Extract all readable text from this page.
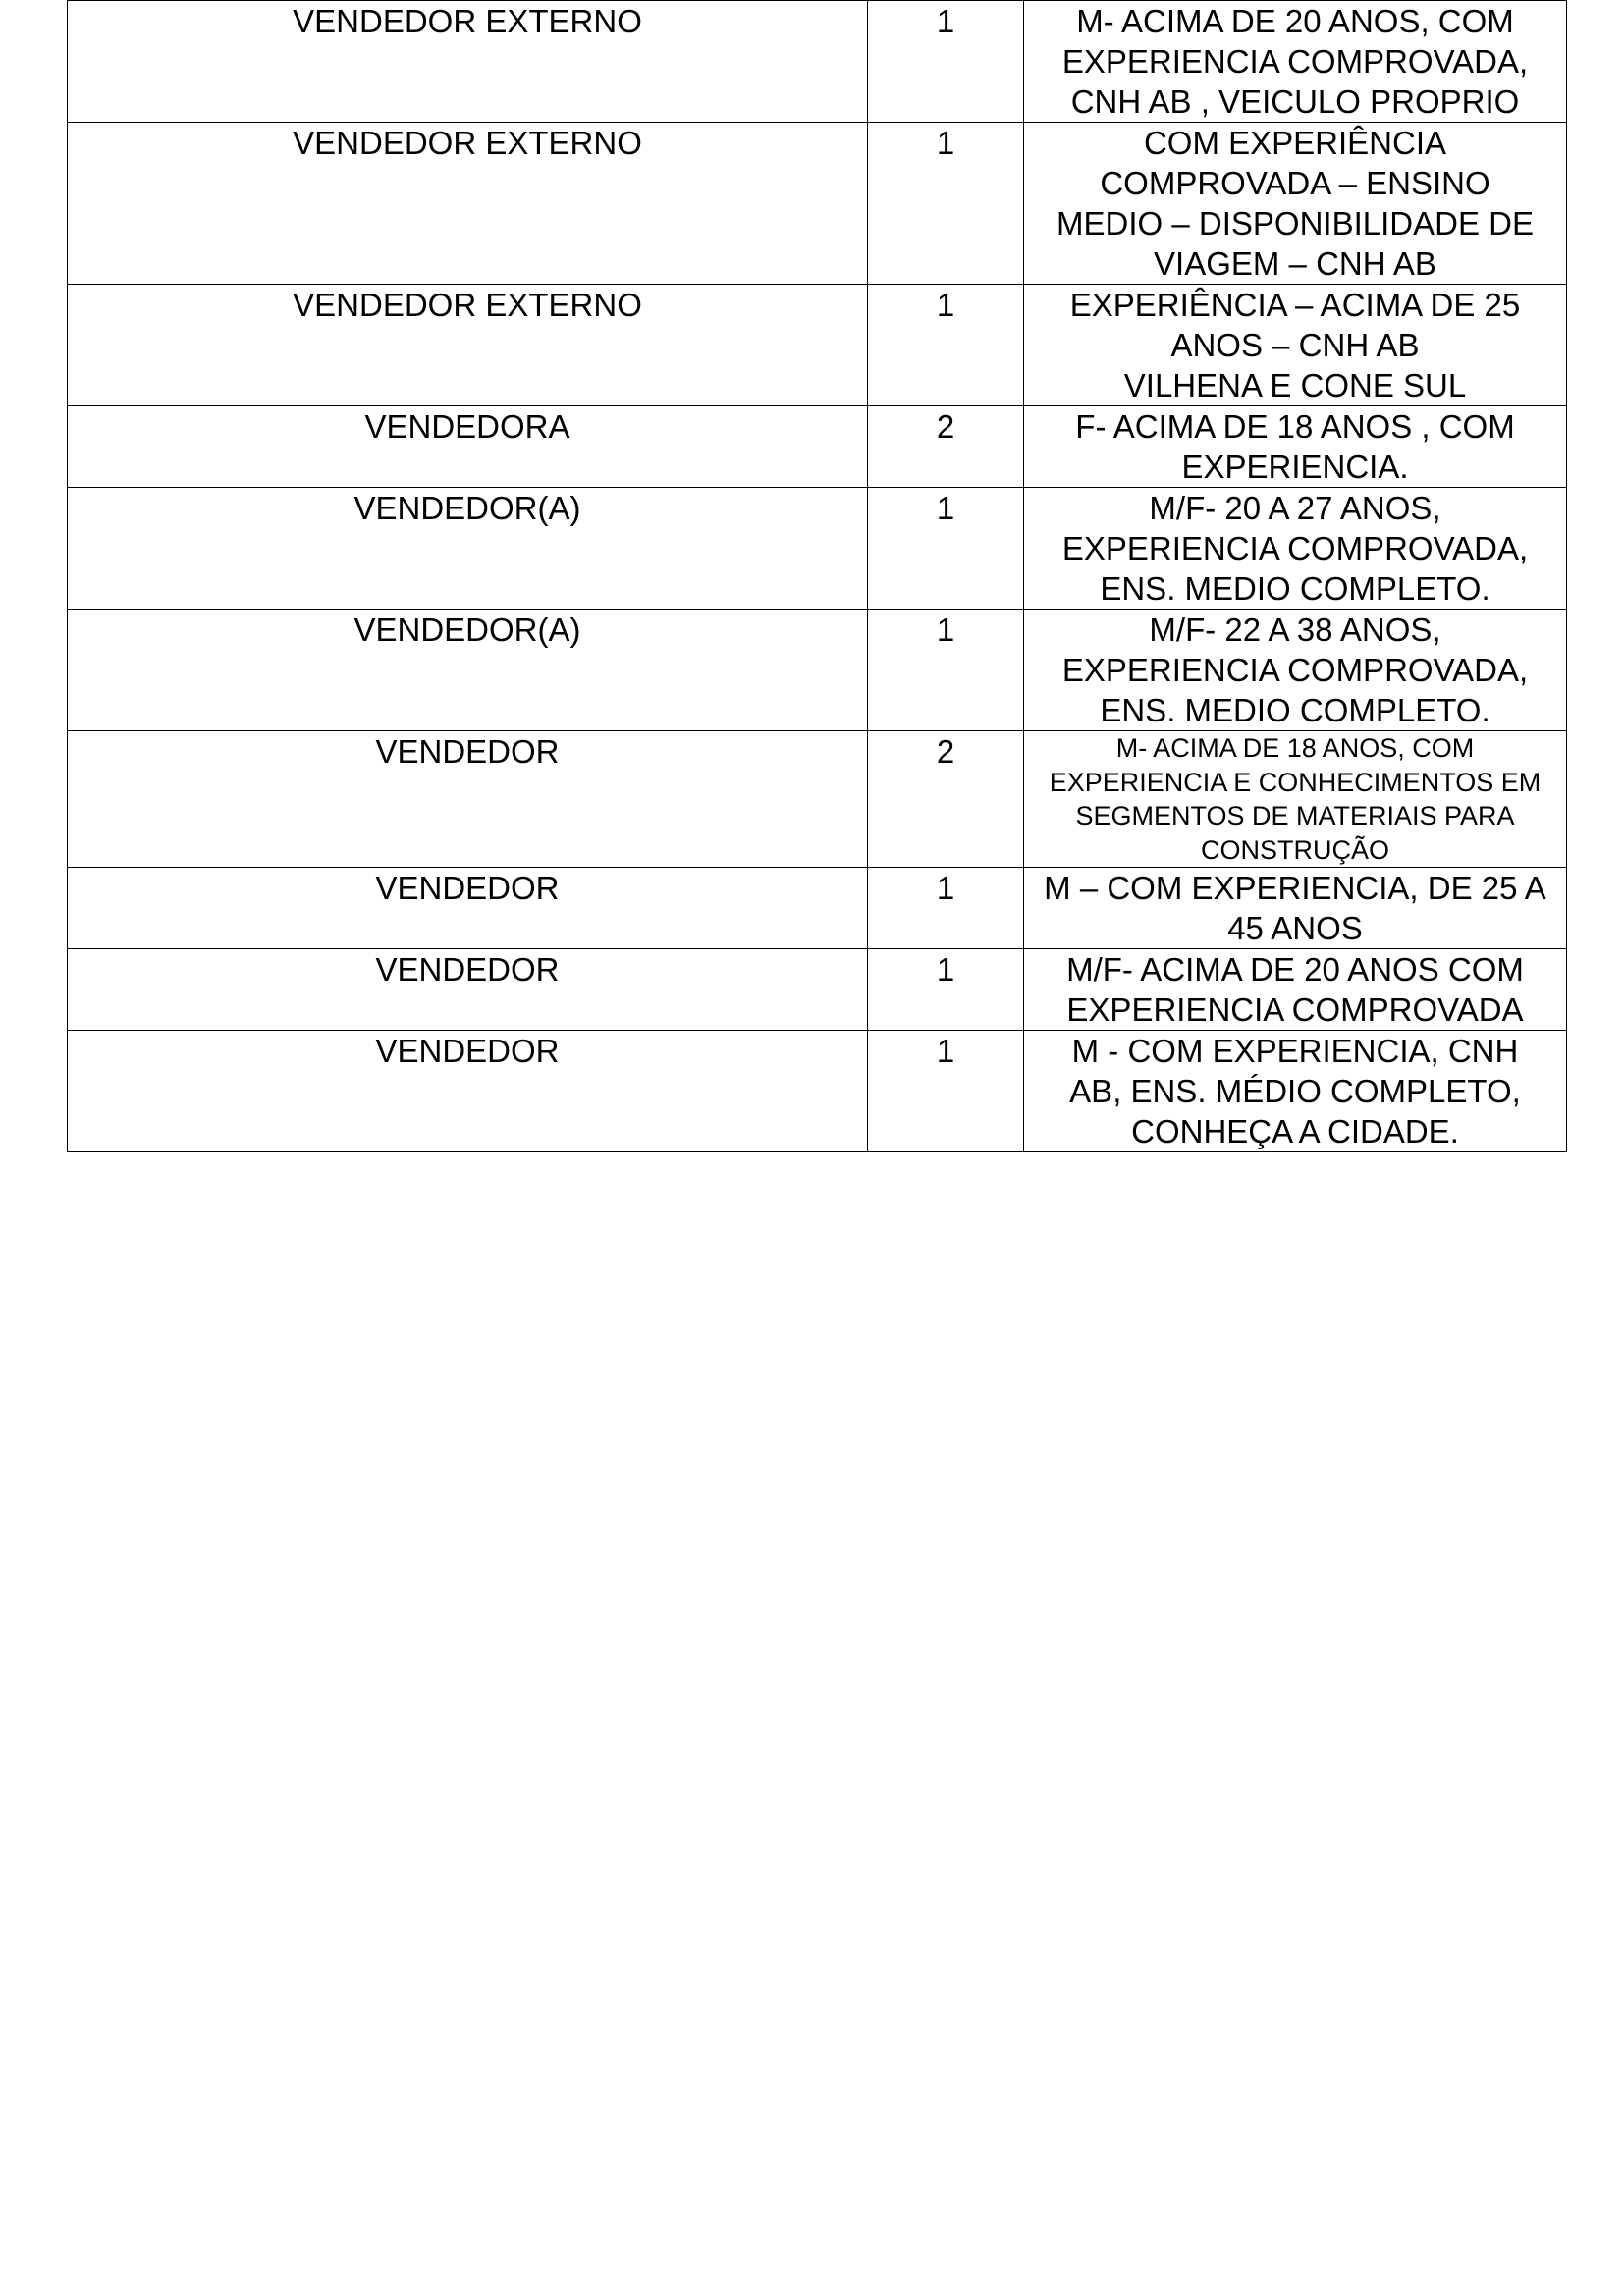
VENDEDOR EXTERNO	1	M- ACIMA DE 20 ANOS, COM
EXPERIENCIA COMPROVADA,
CNH AB , VEICULO PROPRIO

VENDEDOR EXTERNO	1	COM EXPERIÊNCIA
COMPROVADA – ENSINO
MEDIO – DISPONIBILIDADE DE
VIAGEM – CNH AB

VENDEDOR EXTERNO	1	EXPERIÊNCIA – ACIMA DE 25
ANOS – CNH AB
VILHENA E CONE SUL

VENDEDORA	2	F- ACIMA DE 18 ANOS , COM
EXPERIENCIA.

VENDEDOR(A)	1	M/F- 20 A 27 ANOS,
EXPERIENCIA COMPROVADA,
ENS. MEDIO COMPLETO.

VENDEDOR(A)	1	M/F- 22 A 38 ANOS,
EXPERIENCIA COMPROVADA,
ENS. MEDIO COMPLETO.

VENDEDOR	2	M- ACIMA DE 18 ANOS, COM
EXPERIENCIA E CONHECIMENTOS EM
SEGMENTOS DE MATERIAIS PARA
CONSTRUÇÃO

VENDEDOR	1	M – COM EXPERIENCIA, DE 25 A
45 ANOS

VENDEDOR	1	M/F- ACIMA DE 20 ANOS COM
EXPERIENCIA COMPROVADA

VENDEDOR	1	M - COM EXPERIENCIA, CNH
AB, ENS. MÉDIO COMPLETO,
CONHEÇA A CIDADE.
